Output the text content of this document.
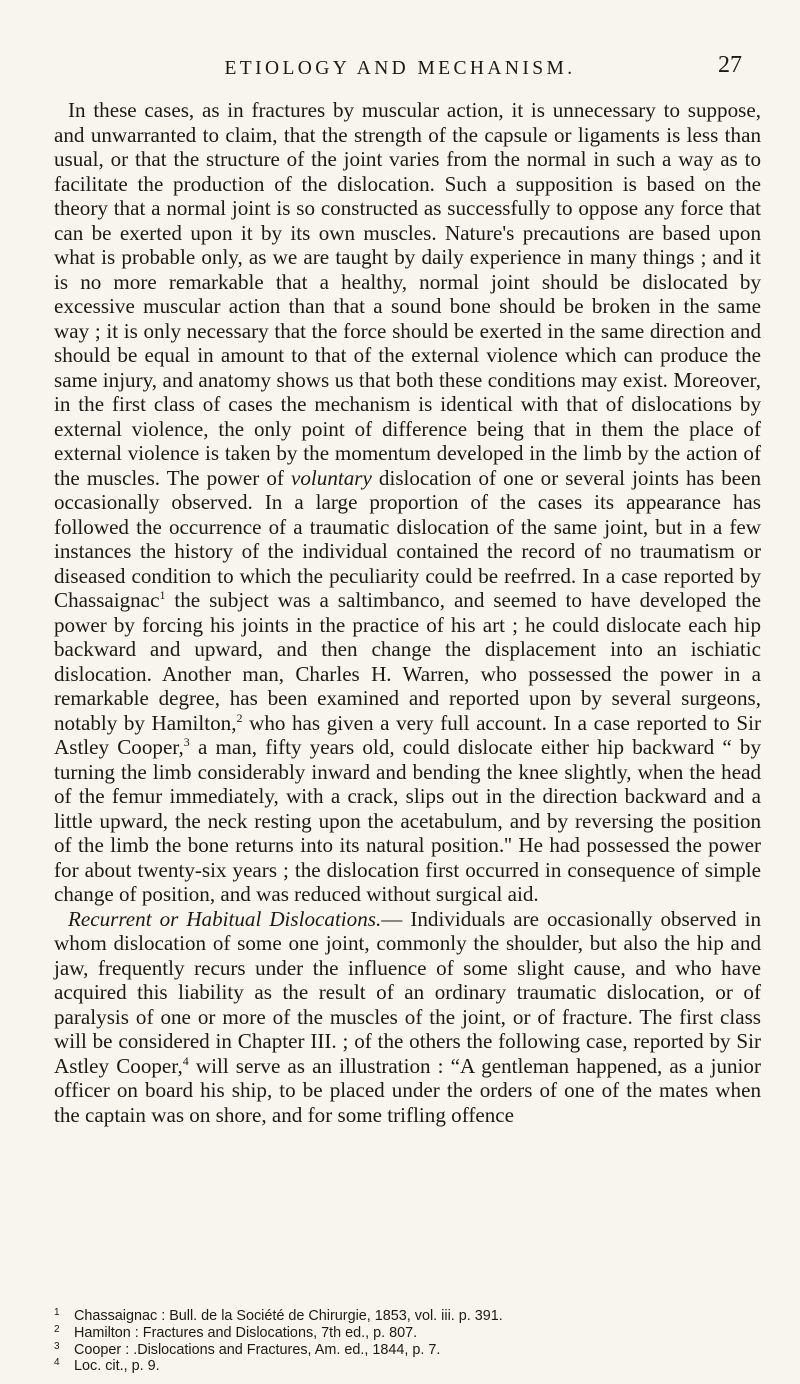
ETIOLOGY AND MECHANISM.	27

In these cases, as in fractures by muscular action, it is unnecessary to suppose, and unwarranted to claim, that the strength of the capsule or ligaments is less than usual, or that the structure of the joint varies from the normal in such a way as to facilitate the production of the dislocation. Such a supposition is based on the theory that a normal joint is so constructed as successfully to oppose any force that can be exerted upon it by its own muscles. Nature's precautions are based upon what is probable only, as we are taught by daily experience in many things ; and it is no more remarkable that a healthy, normal joint should be dislocated by excessive muscular action than that a sound bone should be broken in the same way ; it is only necessary that the force should be exerted in the same direction and should be equal in amount to that of the external violence which can produce the same injury, and anatomy shows us that both these conditions may exist. Moreover, in the first class of cases the mechanism is identical with that of dislocations by external violence, the only point of difference being that in them the place of external violence is taken by the momentum developed in the limb by the action of the muscles. The power of voluntary dislocation of one or several joints has been occasionally observed. In a large proportion of the cases its appearance has followed the occurrence of a traumatic dislocation of the same joint, but in a few instances the history of the individual contained the record of no traumatism or diseased condition to which the peculiarity could be reefrred. In a case reported by Chassaignac$^1$ the subject was a saltimbanco, and seemed to have developed the power by forcing his joints in the practice of his art ; he could dislocate each hip backward and upward, and then change the displacement into an ischiatic dislocation. Another man, Charles H. Warren, who possessed the power in a remarkable degree, has been examined and reported upon by several surgeons, notably by Hamilton,$^2$ who has given a very full account. In a case reported to Sir Astley Cooper,$^3$ a man, fifty years old, could dislocate either hip backward “ by turning the limb considerably inward and bending the knee slightly, when the head of the femur immediately, with a crack, slips out in the direction backward and a little upward, the neck resting upon the acetabulum, and by reversing the position of the limb the bone returns into its natural position.'' He had possessed the power for about twenty-six years ; the dislocation first occurred in consequence of simple change of position, and was reduced without surgical aid.

Recurrent or Habitual Dislocations.— Individuals are occasionally observed in whom dislocation of some one joint, commonly the shoulder, but also the hip and jaw, frequently recurs under the influence of some slight cause, and who have acquired this liability as the result of an ordinary traumatic dislocation, or of paralysis of one or more of the muscles of the joint, or of fracture. The first class will be considered in Chapter III. ; of the others the following case, reported by Sir Astley Cooper,$^4$ will serve as an illustration : “A gentleman happened, as a junior officer on board his ship, to be placed under the orders of one of the mates when the captain was on shore, and for some trifling offence

1 Chassaignac : Bull. de la Société de Chirurgie, 1853, vol. iii. p. 391.
2 Hamilton : Fractures and Dislocations, 7th ed., p. 807.
3 Cooper : .Dislocations and Fractures, Am. ed., 1844, p. 7.
4 Loc. cit., p. 9.
